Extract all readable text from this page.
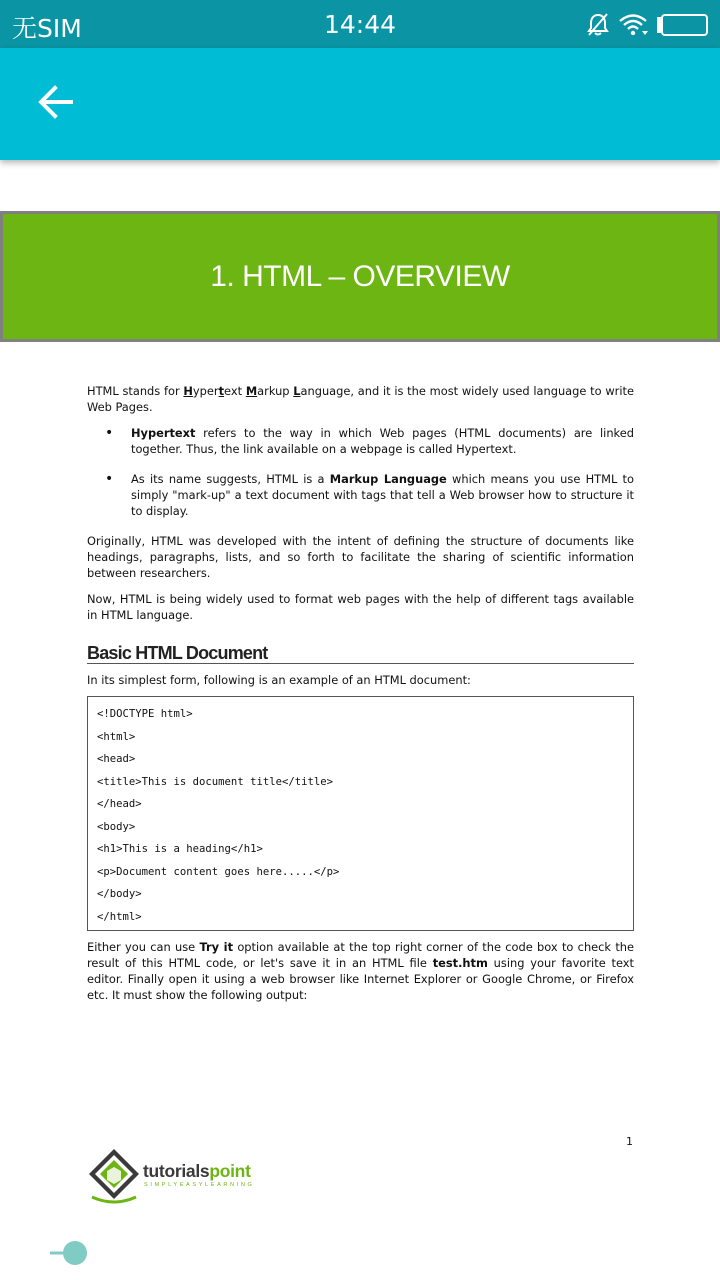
无SIM	14:44
1. HTML – OVERVIEW

HTML stands for Hypertext Markup Language, and it is the most widely used language to write Web Pages.

• Hypertext refers to the way in which Web pages (HTML documents) are linked together. Thus, the link available on a webpage is called Hypertext.
• As its name suggests, HTML is a Markup Language which means you use HTML to simply "mark-up" a text document with tags that tell a Web browser how to structure it to display.

Originally, HTML was developed with the intent of defining the structure of documents like headings, paragraphs, lists, and so forth to facilitate the sharing of scientific information between researchers.

Now, HTML is being widely used to format web pages with the help of different tags available in HTML language.

Basic HTML Document

In its simplest form, following is an example of an HTML document:

<!DOCTYPE html>
<html>
<head>
<title>This is document title</title>
</head>
<body>
<h1>This is a heading</h1>
<p>Document content goes here.....</p>
</body>
</html>

Either you can use Try it option available at the top right corner of the code box to check the result of this HTML code, or let's save it in an HTML file test.htm using your favorite text editor. Finally open it using a web browser like Internet Explorer or Google Chrome, or Firefox etc. It must show the following output:

1
tutorialspoint
SIMPLYEASYLEARNING
